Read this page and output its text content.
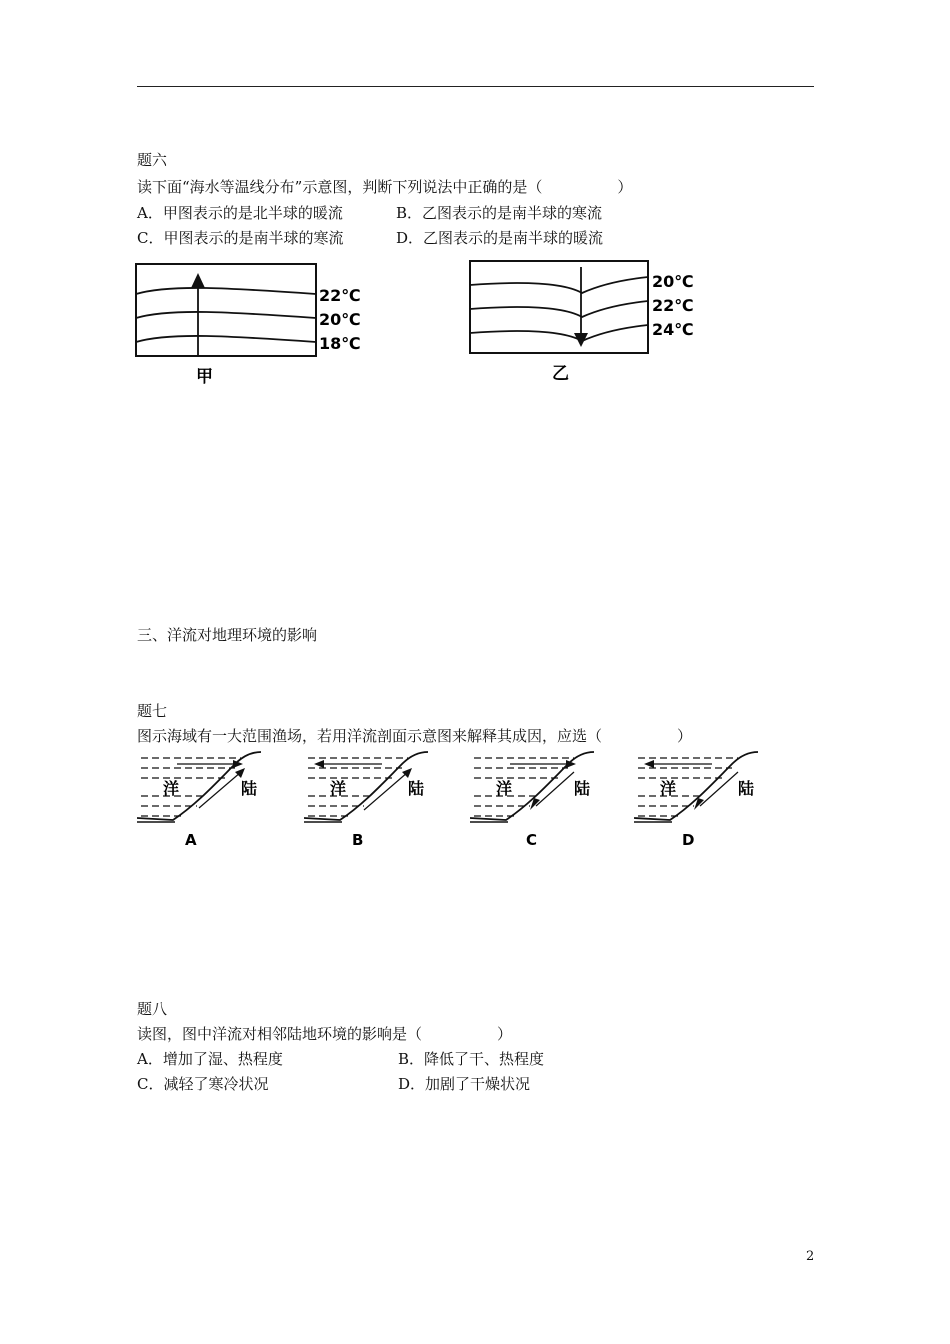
题六
读下面“海水等温线分布”示意图，判断下列说法中正确的是（　　　　　）
A．甲图表示的是北半球的暖流	B．乙图表示的是南半球的寒流
C．甲图表示的是南半球的寒流	D．乙图表示的是南半球的暖流
22℃
20℃
18℃
甲
20℃
22℃
24℃
乙
三、洋流对地理环境的影响
题七
图示海域有一大范围渔场，若用洋流剖面示意图来解释其成因，应选（　　　　　）
洋	陆
A
洋	陆
B
洋	陆
C
洋	陆
D
题八
读图，图中洋流对相邻陆地环境的影响是（　　　　　）
A．增加了湿、热程度	B．降低了干、热程度
C．减轻了寒冷状况	D．加剧了干燥状况
2
